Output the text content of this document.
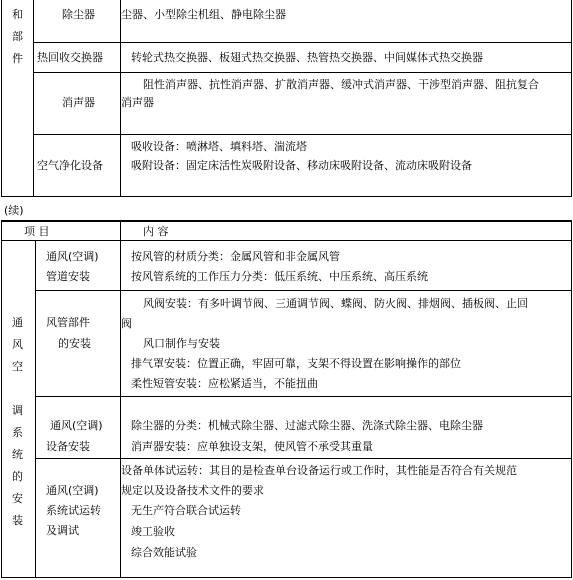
和
部
件
除尘器 尘器、小型除尘机组、静电除尘器
热回收交换器	转轮式热交换器、板翅式热交换器、热管热交换器、中间媒体式热交换器
消声器
阻性消声器、抗性消声器、扩散消声器、缓冲式消声器、干涉型消声器、阻抗复合
消声器
空气净化设备
吸收设备：喷淋塔、填料塔、湍流塔
吸附设备：固定床活性炭吸附设备、移动床吸附设备、流动床吸附设备
(续)
项 目	内 容
通
风
空
调
系
统
的
安
装
通风(空调)
管道安装
按风管的材质分类：金属风管和非金属风管
按风管系统的工作压力分类：低压系统、中压系统、高压系统
风管部件
的安装
风阀安装：有多叶调节阀、三通调节阀、蝶阀、防火阀、排烟阀、插板阀、止回
阀
风口制作与安装
排气罩安装：位置正确，牢固可靠，支架不得设置在影响操作的部位
柔性短管安装：应松紧适当，不能扭曲
通风(空调)
设备安装
除尘器的分类：机械式除尘器、过滤式除尘器、洗涤式除尘器、电除尘器
消声器安装：应单独设支架，使风管不承受其重量
通风(空调)
系统试运转
及调试
设备单体试运转：其目的是检查单台设备运行或工作时，其性能是否符合有关规范
规定以及设备技术文件的要求
无生产符合联合试运转
竣工验收
综合效能试验
